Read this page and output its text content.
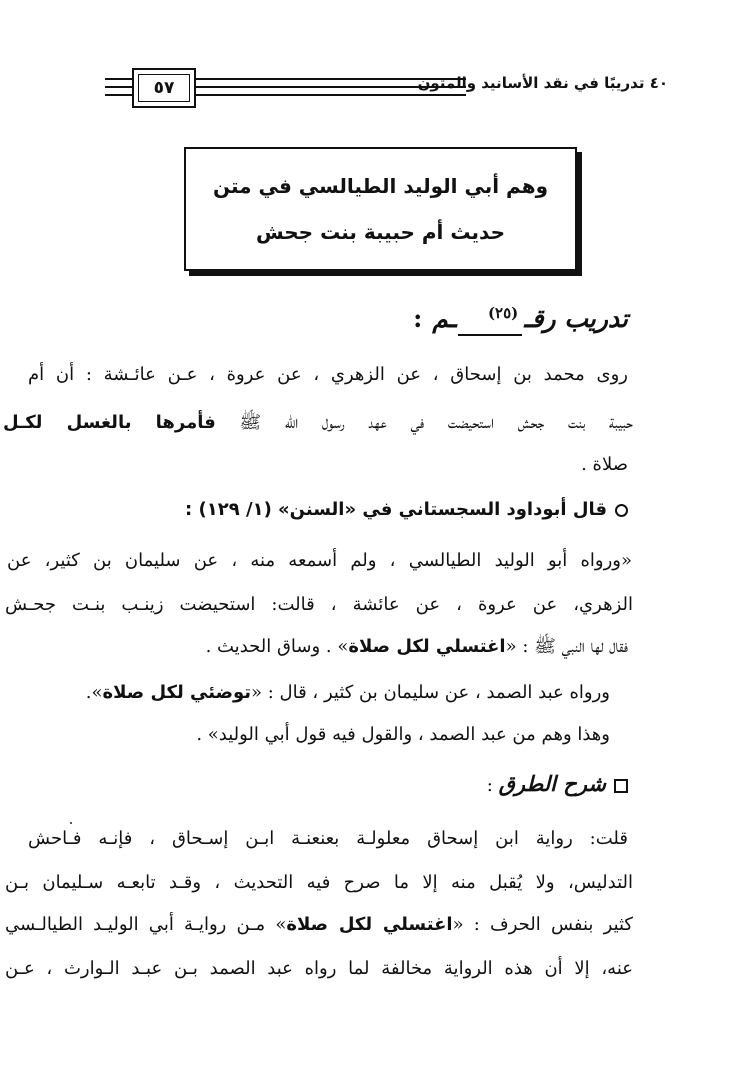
٥٧	٤٠ تدريبًا في نقد الأسانيد والمتون
وهم أبي الوليد الطيالسي في متن
حديث أم حبيبة بنت جحش
تدريب رقـ$^{(٢٥)}$ـم:
روى محمد بن إسحاق ، عن الزهري ، عن عروة ، عـن عائـشة : أن أم
حبيبة بنت جحش استحيضت في عهد رسول الله ﷺ فأمرها بالغسل لكـل
صلاة .
قال أبوداود السجستاني في «السنن» (١/ ١٢٩) :
«ورواه أبو الوليد الطيالسي ، ولم أسمعه منه ، عن سليمان بن كثير، عن
الزهري، عن عروة ، عن عائشة ، قالت: استحيضت زينـب بنـت جحـش
فقال لها النبي ﷺ : «اغتسلي لكل صلاة» . وساق الحديث .
ورواه عبد الصمد ، عن سليمان بن كثير ، قال : «توضئي لكل صلاة».
وهذا وهم من عبد الصمد ، والقول فيه قول أبي الوليد» .
شرح الطرق :
قلت: رواية ابن إسحاق معلولـة بعنعنـة ابـن إسـحاق ، فإنـه فـاحش
التدليس، ولا يُقبل منه إلا ما صرح فيه التحديث ، وقـد تابعـه سـليمان بـن
كثير بنفس الحرف : «اغتسلي لكل صلاة» مـن روايـة أبي الوليـد الطيالـسي
عنه، إلا أن هذه الرواية مخالفة لما رواه عبد الصمد بـن عبـد الـوارث ، عـن
